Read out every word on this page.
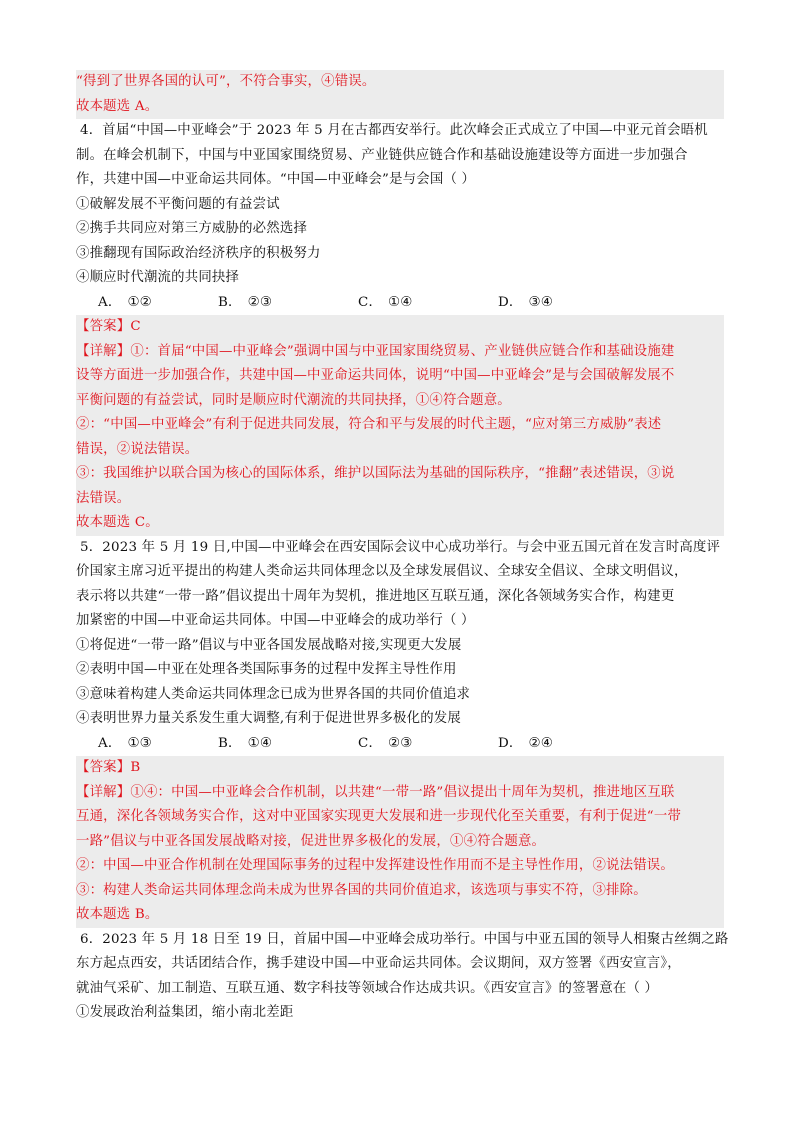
“得到了世界各国的认可”，不符合事实，④错误。
故本题选 A。
4．首届“中国—中亚峰会”于 2023 年 5 月在古都西安举行。此次峰会正式成立了中国—中亚元首会晤机
制。在峰会机制下，中国与中亚国家围绕贸易、产业链供应链合作和基础设施建设等方面进一步加强合
作，共建中国—中亚命运共同体。“中国—中亚峰会”是与会国（ ）
①破解发展不平衡问题的有益尝试
②携手共同应对第三方威胁的必然选择
③推翻现有国际政治经济秩序的积极努力
④顺应时代潮流的共同抉择
A． ①②	B． ②③	C． ①④	D． ③④
【答案】C
【详解】①：首届“中国—中亚峰会”强调中国与中亚国家围绕贸易、产业链供应链合作和基础设施建
设等方面进一步加强合作，共建中国—中亚命运共同体，说明“中国—中亚峰会”是与会国破解发展不
平衡问题的有益尝试，同时是顺应时代潮流的共同抉择，①④符合题意。
②：“中国—中亚峰会”有利于促进共同发展，符合和平与发展的时代主题，“应对第三方威胁”表述
错误，②说法错误。
③：我国维护以联合国为核心的国际体系，维护以国际法为基础的国际秩序，“推翻”表述错误，③说
法错误。
故本题选 C。
5．2023 年 5 月 19 日,中国—中亚峰会在西安国际会议中心成功举行。与会中亚五国元首在发言时高度评
价国家主席习近平提出的构建人类命运共同体理念以及全球发展倡议、全球安全倡议、全球文明倡议，
表示将以共建“一带一路”倡议提出十周年为契机，推进地区互联互通，深化各领域务实合作，构建更
加紧密的中国—中亚命运共同体。中国—中亚峰会的成功举行（ ）
①将促进“一带一路”倡议与中亚各国发展战略对接,实现更大发展
②表明中国—中亚在处理各类国际事务的过程中发挥主导性作用
③意味着构建人类命运共同体理念已成为世界各国的共同价值追求
④表明世界力量关系发生重大调整,有利于促进世界多极化的发展
A． ①③	B． ①④	C． ②③	D． ②④
【答案】B
【详解】①④：中国—中亚峰会合作机制，以共建“一带一路”倡议提出十周年为契机，推进地区互联
互通，深化各领域务实合作，这对中亚国家实现更大发展和进一步现代化至关重要，有利于促进“一带
一路”倡议与中亚各国发展战略对接，促进世界多极化的发展，①④符合题意。
②：中国—中亚合作机制在处理国际事务的过程中发挥建设性作用而不是主导性作用，②说法错误。
③：构建人类命运共同体理念尚未成为世界各国的共同价值追求，该选项与事实不符，③排除。
故本题选 B。
6．2023 年 5 月 18 日至 19 日，首届中国—中亚峰会成功举行。中国与中亚五国的领导人相聚古丝绸之路
东方起点西安，共话团结合作，携手建设中国—中亚命运共同体。会议期间，双方签署《西安宣言》，
就油气采矿、加工制造、互联互通、数字科技等领域合作达成共识。《西安宣言》的签署意在（ ）
①发展政治利益集团，缩小南北差距
